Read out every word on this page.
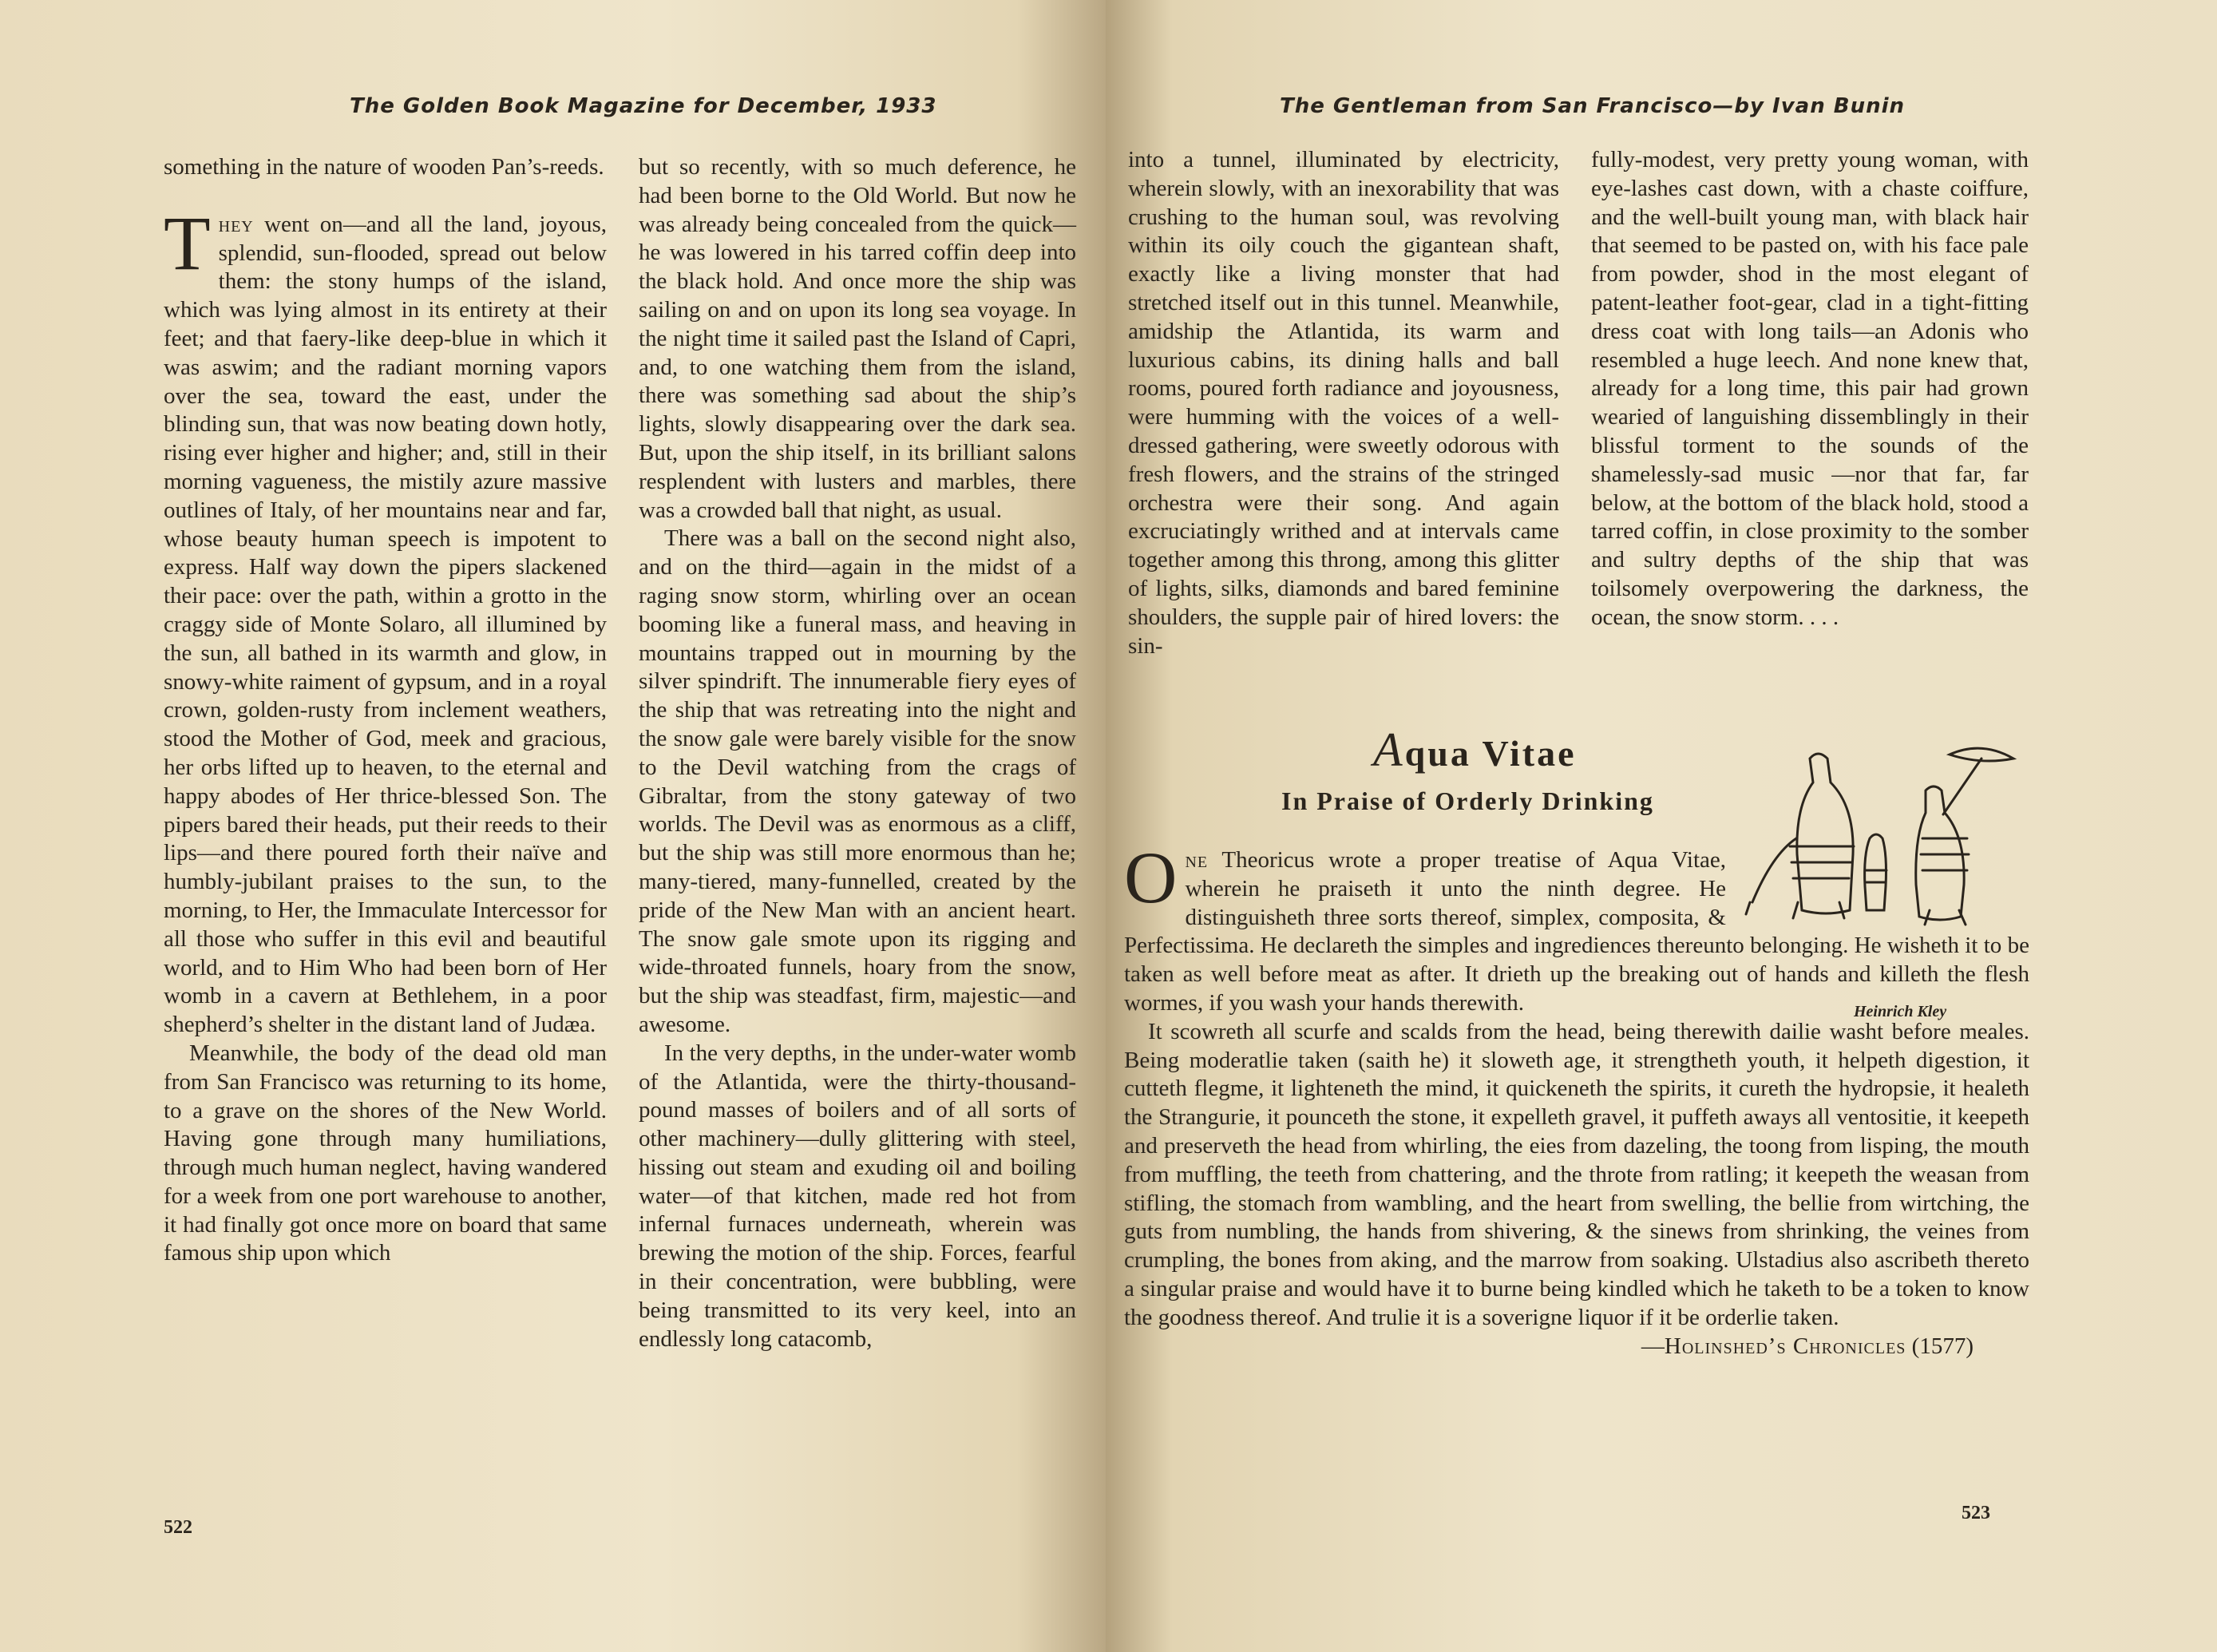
The Golden Book Magazine for December, 1933

something in the nature of wooden Pan’s-reeds.

They went on—and all the land, joyous, splendid, sun-flooded, spread out below them: the stony humps of the island, which was lying almost in its entirety at their feet; and that faery-like deep-blue in which it was aswim; and the radiant morning vapors over the sea, toward the east, under the blinding sun, that was now beating down hotly, rising ever higher and higher; and, still in their morning vagueness, the mistily azure massive outlines of Italy, of her mountains near and far, whose beauty human speech is impotent to express. Half way down the pipers slackened their pace: over the path, within a grotto in the craggy side of Monte Solaro, all illumined by the sun, all bathed in its warmth and glow, in snowy-white raiment of gypsum, and in a royal crown, golden-rusty from inclement weathers, stood the Mother of God, meek and gracious, her orbs lifted up to heaven, to the eternal and happy abodes of Her thrice-blessed Son. The pipers bared their heads, put their reeds to their lips—and there poured forth their naïve and humbly-jubilant praises to the sun, to the morning, to Her, the Immaculate Intercessor for all those who suffer in this evil and beautiful world, and to Him Who had been born of Her womb in a cavern at Bethlehem, in a poor shepherd’s shelter in the distant land of Judæa.

Meanwhile, the body of the dead old man from San Francisco was returning to its home, to a grave on the shores of the New World. Having gone through many humiliations, through much human neglect, having wandered for a week from one port warehouse to another, it had finally got once more on board that same famous ship upon which

but so recently, with so much deference, he had been borne to the Old World. But now he was already being concealed from the quick—he was lowered in his tarred coffin deep into the black hold. And once more the ship was sailing on and on upon its long sea voyage. In the night time it sailed past the Island of Capri, and, to one watching them from the island, there was something sad about the ship’s lights, slowly disappearing over the dark sea. But, upon the ship itself, in its brilliant salons resplendent with lusters and marbles, there was a crowded ball that night, as usual.

There was a ball on the second night also, and on the third—again in the midst of a raging snow storm, whirling over an ocean booming like a funeral mass, and heaving in mountains trapped out in mourning by the silver spindrift. The innumerable fiery eyes of the ship that was retreating into the night and the snow gale were barely visible for the snow to the Devil watching from the crags of Gibraltar, from the stony gateway of two worlds. The Devil was as enormous as a cliff, but the ship was still more enormous than he; many-tiered, many-funnelled, created by the pride of the New Man with an ancient heart. The snow gale smote upon its rigging and wide-throated funnels, hoary from the snow, but the ship was steadfast, firm, majestic—and awesome.

In the very depths, in the under-water womb of the Atlantida, were the thirty-thousand-pound masses of boilers and of all sorts of other machinery—dully glittering with steel, hissing out steam and exuding oil and boiling water—of that kitchen, made red hot from infernal furnaces underneath, wherein was brewing the motion of the ship. Forces, fearful in their concentration, were bubbling, were being transmitted to its very keel, into an endlessly long catacomb,

522
The Gentleman from San Francisco—by Ivan Bunin

into a tunnel, illuminated by electricity, wherein slowly, with an inexorability that was crushing to the human soul, was revolving within its oily couch the gigantean shaft, exactly like a living monster that had stretched itself out in this tunnel. Meanwhile, amidship the Atlantida, its warm and luxurious cabins, its dining halls and ball rooms, poured forth radiance and joyousness, were humming with the voices of a well-dressed gathering, were sweetly odorous with fresh flowers, and the strains of the stringed orchestra were their song. And again excruciatingly writhed and at intervals came together among this throng, among this glitter of lights, silks, diamonds and bared feminine shoulders, the supple pair of hired lovers: the sin-

fully-modest, very pretty young woman, with eye-lashes cast down, with a chaste coiffure, and the well-built young man, with black hair that seemed to be pasted on, with his face pale from powder, shod in the most elegant of patent-leather foot-gear, clad in a tight-fitting dress coat with long tails—an Adonis who resembled a huge leech. And none knew that, already for a long time, this pair had grown wearied of languishing dissemblingly in their blissful torment to the sounds of the shamelessly-sad music —nor that far, far below, at the bottom of the black hold, stood a tarred coffin, in close proximity to the somber and sultry depths of the ship that was toilsomely overpowering the darkness, the ocean, the snow storm. . . .

523
Aqua Vitae
In Praise of Orderly Drinking

One Theoricus wrote a proper treatise of Aqua Vitae, wherein he praiseth it unto the ninth degree. He distinguisheth three sorts thereof, simplex, composita, & Perfectissima. He declareth the simples and ingrediences thereunto belonging. He wisheth it to be taken as well before meat as after. It drieth up the breaking out of hands and killeth the flesh wormes, if you wash your hands therewith.

It scowreth all scurfe and scalds from the head, being therewith dailie washt before meales. Being moderatlie taken (saith he) it sloweth age, it strengtheth youth, it helpeth digestion, it cutteth flegme, it lighteneth the mind, it quickeneth the spirits, it cureth the hydropsie, it healeth the Strangurie, it pounceth the stone, it expelleth gravel, it puffeth aways all ventositie, it keepeth and preserveth the head from whirling, the eies from dazeling, the toong from lisping, the mouth from muffling, the teeth from chattering, and the throte from ratling; it keepeth the weasan from stifling, the stomach from wambling, and the heart from swelling, the bellie from wirtching, the guts from numbling, the hands from shivering, & the sinews from shrinking, the veines from crumpling, the bones from aking, and the marrow from soaking. Ulstadius also ascribeth thereto a singular praise and would have it to burne being kindled which he taketh to be a token to know the goodness thereof. And trulie it is a soverigne liquor if it be orderlie taken.

—Holinshed’s Chronicles (1577)

Heinrich Kley
